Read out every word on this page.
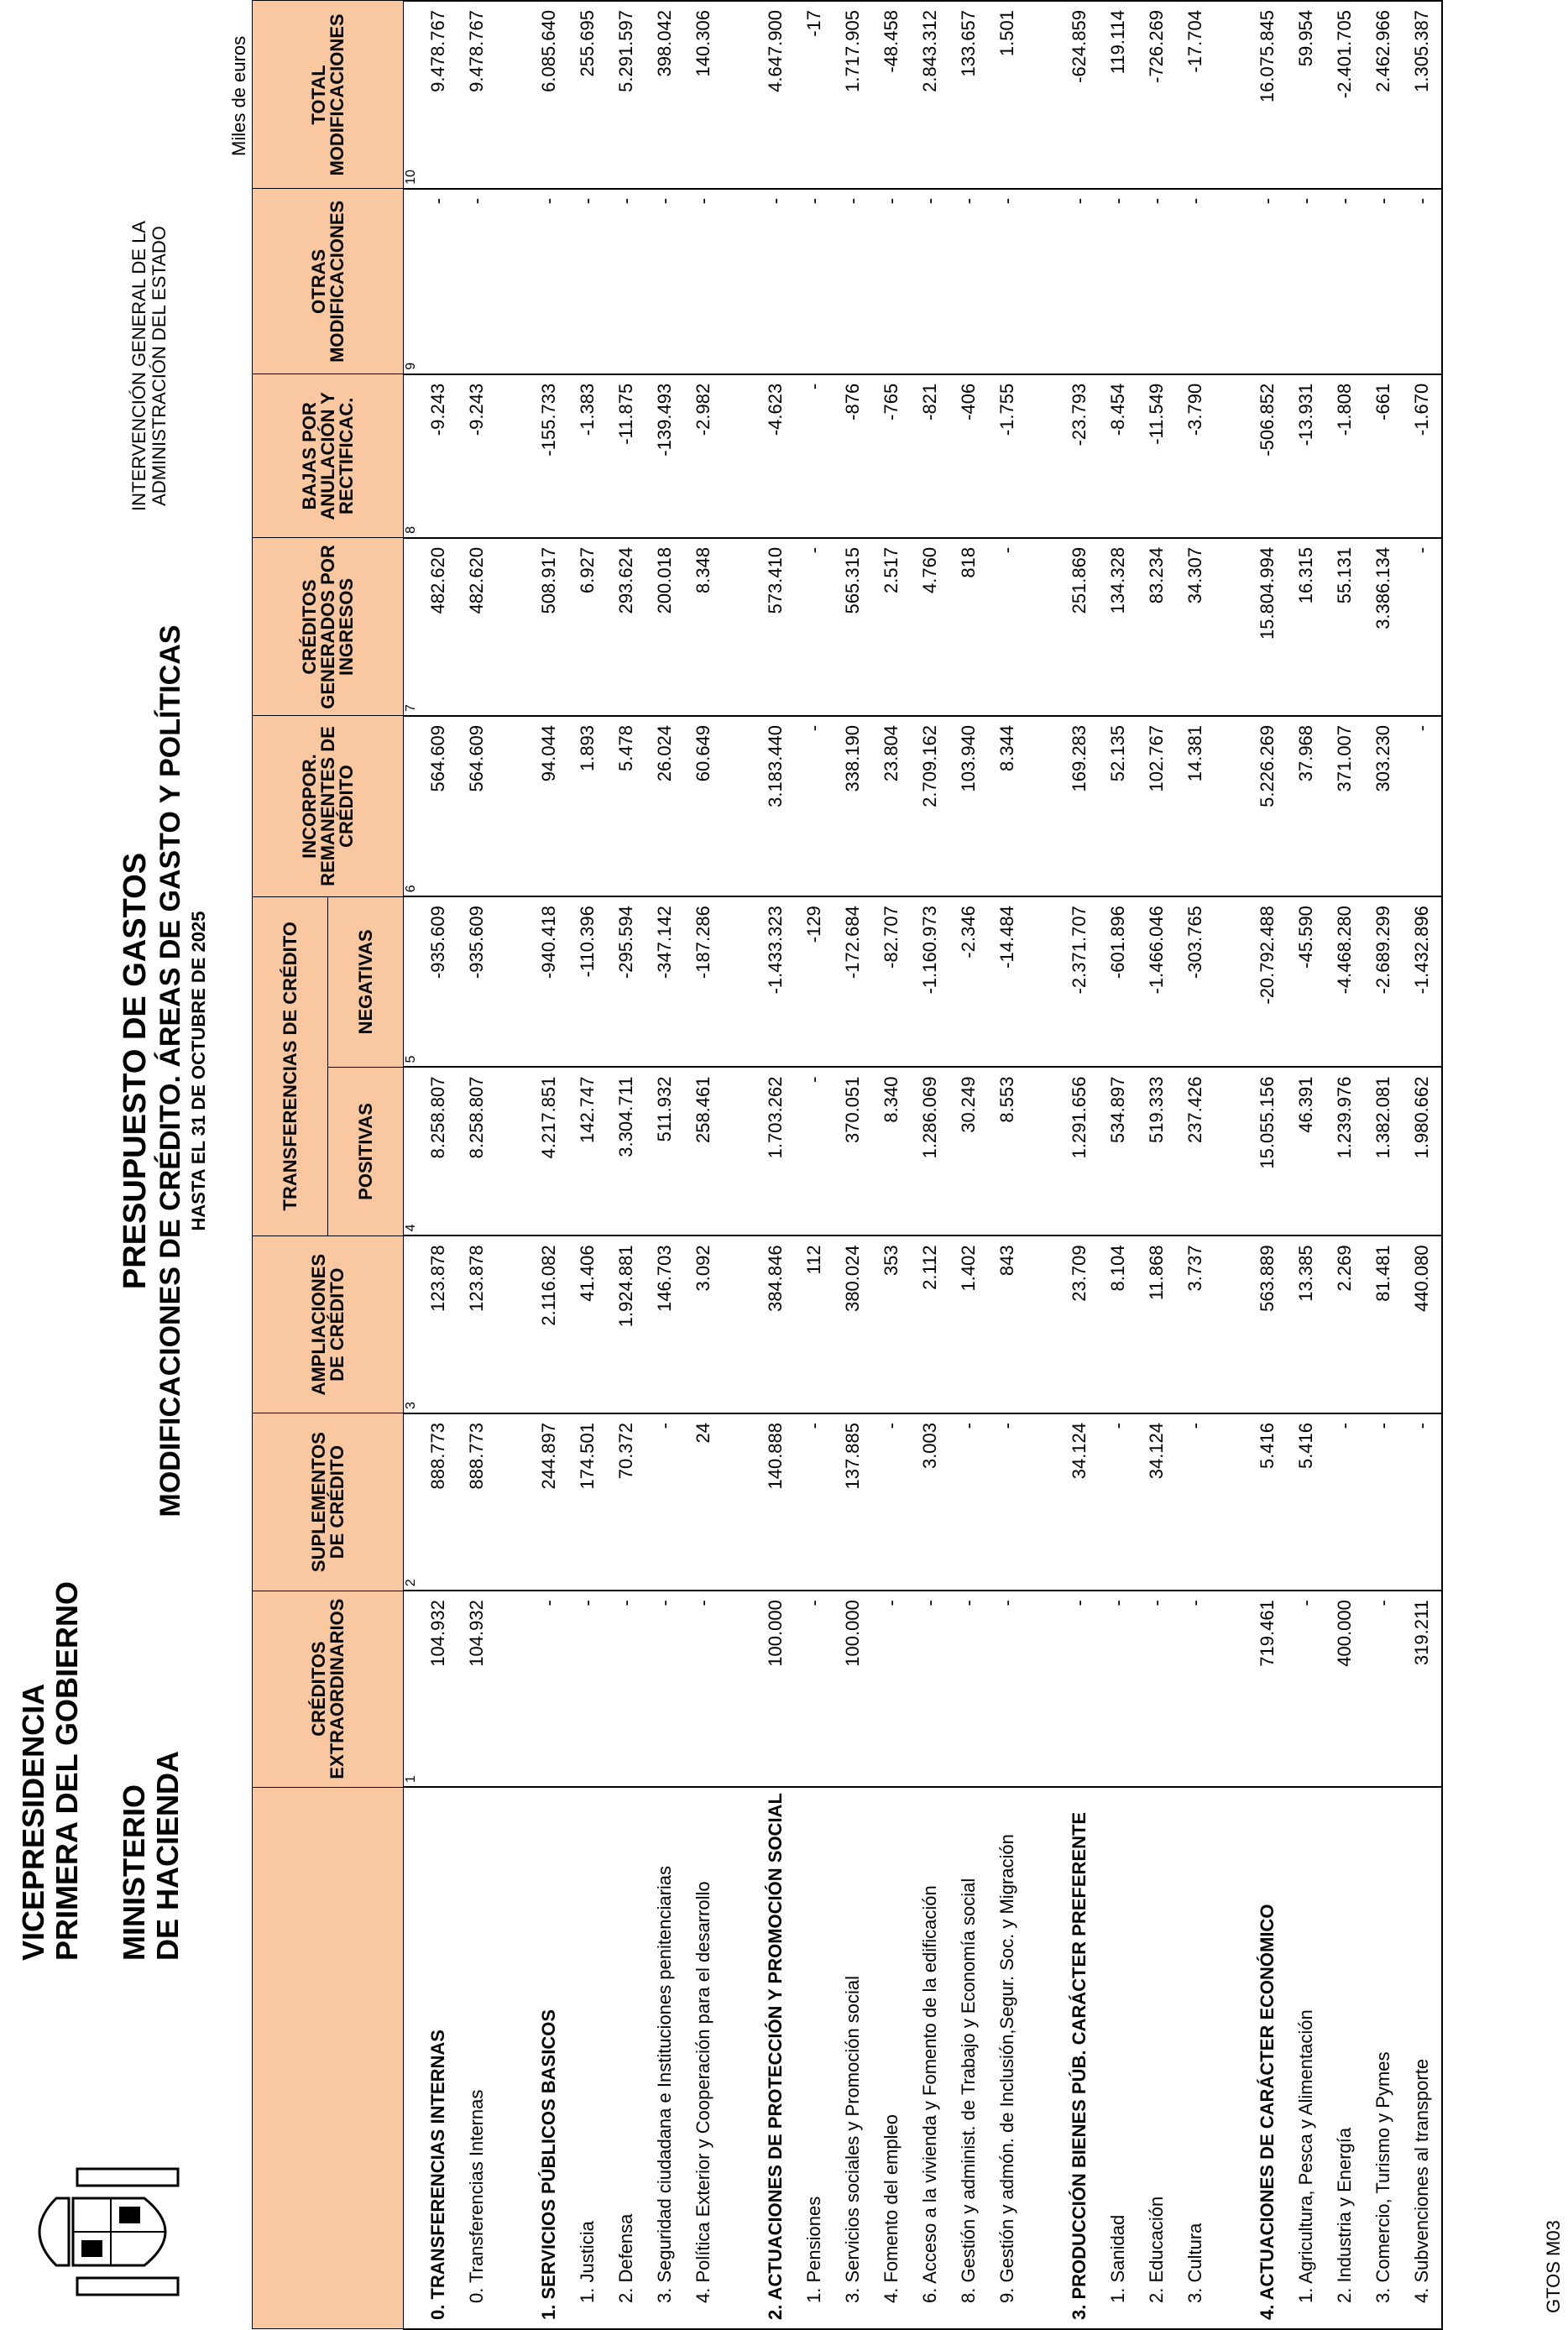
VICEPRESIDENCIA PRIMERA DEL GOBIERNO MINISTERIO DE HACIENDA
PRESUPUESTO DE GASTOS MODIFICACIONES DE CRÉDITO. ÁREAS DE GASTO Y POLÍTICAS HASTA EL 31 DE OCTUBRE DE 2025
INTERVENCIÓN GENERAL DE LA ADMINISTRACIÓN DEL ESTADO
Miles de euros
	CRÉDITOS EXTRAORDINARIOS	SUPLEMENTOS DE CRÉDITO	AMPLIACIONES DE CRÉDITO	TRANSFERENCIAS DE CRÉDITO		INCORPOR. REMANENTES DE CRÉDITO	CRÉDITOS GENERADOS POR INGRESOS	BAJAS POR ANULACIÓN Y RECTIFICAC.	OTRAS MODIFICACIONES	TOTAL MODIFICACIONES
				POSITIVAS	NEGATIVAS					
	1	2	3	4	5	6	7	8	9	10
0. TRANSFERENCIAS INTERNAS	104.932	888.773	123.878	8.258.807	-935.609	564.609	482.620	-9.243	-	9.478.767
0. Transferencias Internas	104.932	888.773	123.878	8.258.807	-935.609	564.609	482.620	-9.243	-	9.478.767

1. SERVICIOS PÚBLICOS BASICOS	-	244.897	2.116.082	4.217.851	-940.418	94.044	508.917	-155.733	-	6.085.640
1. Justicia	-	174.501	41.406	142.747	-110.396	1.893	6.927	-1.383	-	255.695
2. Defensa	-	70.372	1.924.881	3.304.711	-295.594	5.478	293.624	-11.875	-	5.291.597
3. Seguridad ciudadana e Instituciones penitenciarias	-	-	146.703	511.932	-347.142	26.024	200.018	-139.493	-	398.042
4. Política Exterior y Cooperación para el desarrollo	-	24	3.092	258.461	-187.286	60.649	8.348	-2.982	-	140.306

2. ACTUACIONES DE PROTECCIÓN Y PROMOCIÓN SOCIAL	100.000	140.888	384.846	1.703.262	-1.433.323	3.183.440	573.410	-4.623	-	4.647.900
1. Pensiones	-	-	112	-	-129	-	-	-	-	-17
3. Servicios sociales y Promoción social	100.000	137.885	380.024	370.051	-172.684	338.190	565.315	-876	-	1.717.905
4. Fomento del empleo	-	-	353	8.340	-82.707	23.804	2.517	-765	-	-48.458
6. Acceso a la vivienda y Fomento de la edificación	-	3.003	2.112	1.286.069	-1.160.973	2.709.162	4.760	-821	-	2.843.312
8. Gestión y administ. de Trabajo y Economía social	-	-	1.402	30.249	-2.346	103.940	818	-406	-	133.657
9. Gestión y admón. de Inclusión,Segur. Soc. y Migración	-	-	843	8.553	-14.484	8.344	-	-1.755	-	1.501

3. PRODUCCIÓN BIENES PÚB. CARÁCTER PREFERENTE	-	34.124	23.709	1.291.656	-2.371.707	169.283	251.869	-23.793	-	-624.859
1. Sanidad	-	-	8.104	534.897	-601.896	52.135	134.328	-8.454	-	119.114
2. Educación	-	34.124	11.868	519.333	-1.466.046	102.767	83.234	-11.549	-	-726.269
3. Cultura	-	-	3.737	237.426	-303.765	14.381	34.307	-3.790	-	-17.704

4. ACTUACIONES DE CARÁCTER ECONÓMICO	719.461	5.416	563.889	15.055.156	-20.792.488	5.226.269	15.804.994	-506.852	-	16.075.845
1. Agricultura, Pesca y Alimentación	-	5.416	13.385	46.391	-45.590	37.968	16.315	-13.931	-	59.954
2. Industria y Energía	400.000	-	2.269	1.239.976	-4.468.280	371.007	55.131	-1.808	-	-2.401.705
3. Comercio, Turismo y Pymes	-	-	81.481	1.382.081	-2.689.299	303.230	3.386.134	-661	-	2.462.966
4. Subvenciones al transporte	319.211	-	440.080	1.980.662	-1.432.896	-	-	-1.670	-	1.305.387
GTOS M03
